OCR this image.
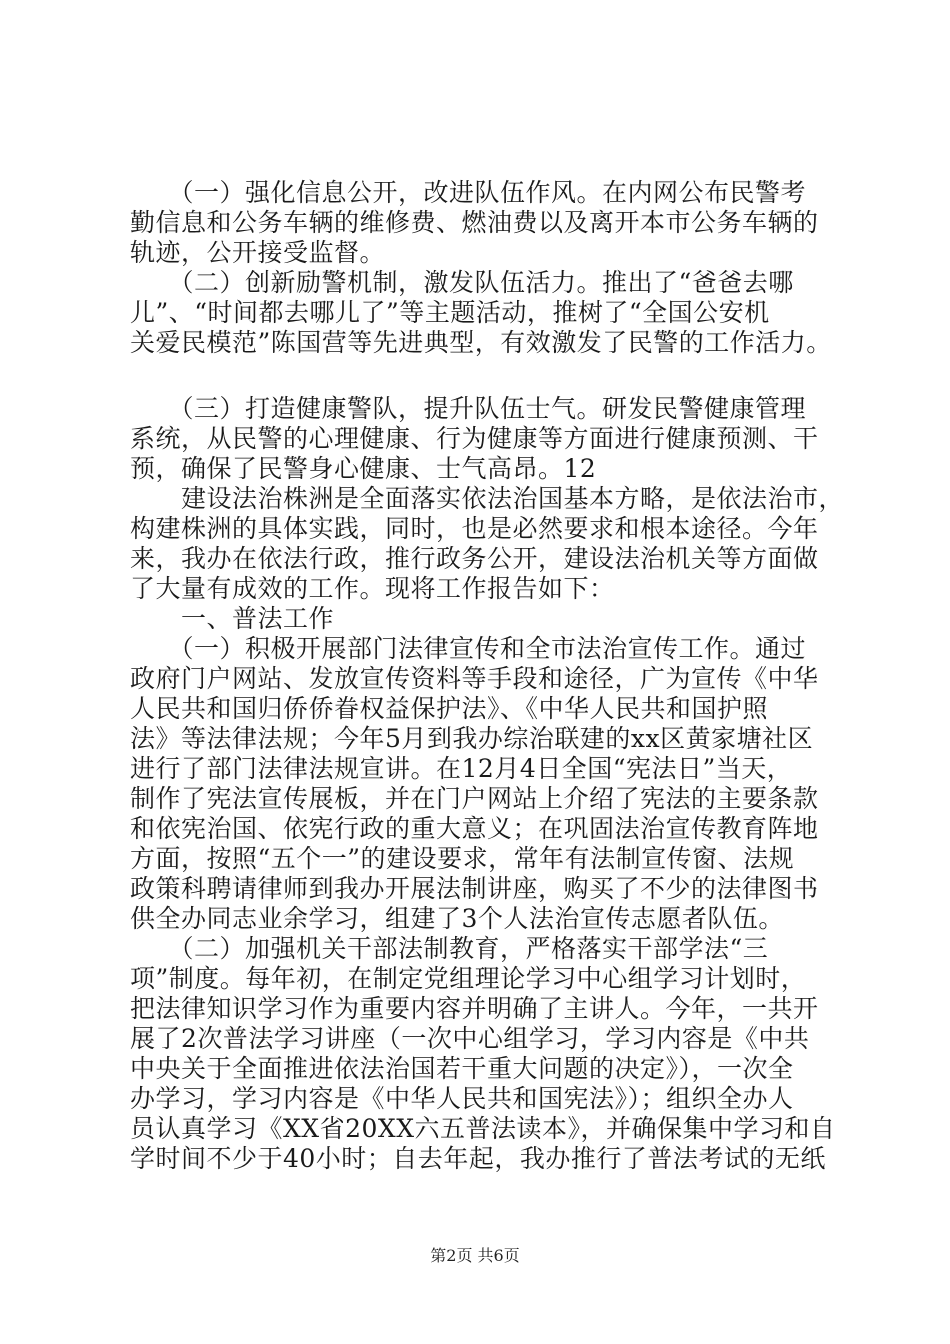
　　（一）强化信息公开，改进队伍作风。在内网公布民警考
勤信息和公务车辆的维修费、燃油费以及离开本市公务车辆的
轨迹，公开接受监督。
　　（二）创新励警机制，激发队伍活力。推出了“爸爸去哪
儿”、“时间都去哪儿了”等主题活动，推树了“全国公安机
关爱民模范”陈国营等先进典型，有效激发了民警的工作活力。
　　（三）打造健康警队，提升队伍士气。研发民警健康管理
系统，从民警的心理健康、行为健康等方面进行健康预测、干
预，确保了民警身心健康、士气高昂。12
　　建设法治株洲是全面落实依法治国基本方略，是依法治市，
构建株洲的具体实践，同时，也是必然要求和根本途径。今年
来，我办在依法行政，推行政务公开，建设法治机关等方面做
了大量有成效的工作。现将工作报告如下：
　　一、普法工作
　　（一）积极开展部门法律宣传和全市法治宣传工作。通过
政府门户网站、发放宣传资料等手段和途径，广为宣传《中华
人民共和国归侨侨眷权益保护法》、《中华人民共和国护照
法》等法律法规；今年5月到我办综治联建的xx区黄家塘社区
进行了部门法律法规宣讲。在12月4日全国“宪法日”当天，
制作了宪法宣传展板，并在门户网站上介绍了宪法的主要条款
和依宪治国、依宪行政的重大意义；在巩固法治宣传教育阵地
方面，按照“五个一”的建设要求，常年有法制宣传窗、法规
政策科聘请律师到我办开展法制讲座，购买了不少的法律图书
供全办同志业余学习，组建了3个人法治宣传志愿者队伍。
　　（二）加强机关干部法制教育，严格落实干部学法“三
项”制度。每年初，在制定党组理论学习中心组学习计划时，
把法律知识学习作为重要内容并明确了主讲人。今年，一共开
展了2次普法学习讲座（一次中心组学习，学习内容是《中共
中央关于全面推进依法治国若干重大问题的决定》），一次全
办学习，学习内容是《中华人民共和国宪法》）；组织全办人
员认真学习《XX省20XX六五普法读本》，并确保集中学习和自
学时间不少于40小时；自去年起，我办推行了普法考试的无纸
第2页 共6页
